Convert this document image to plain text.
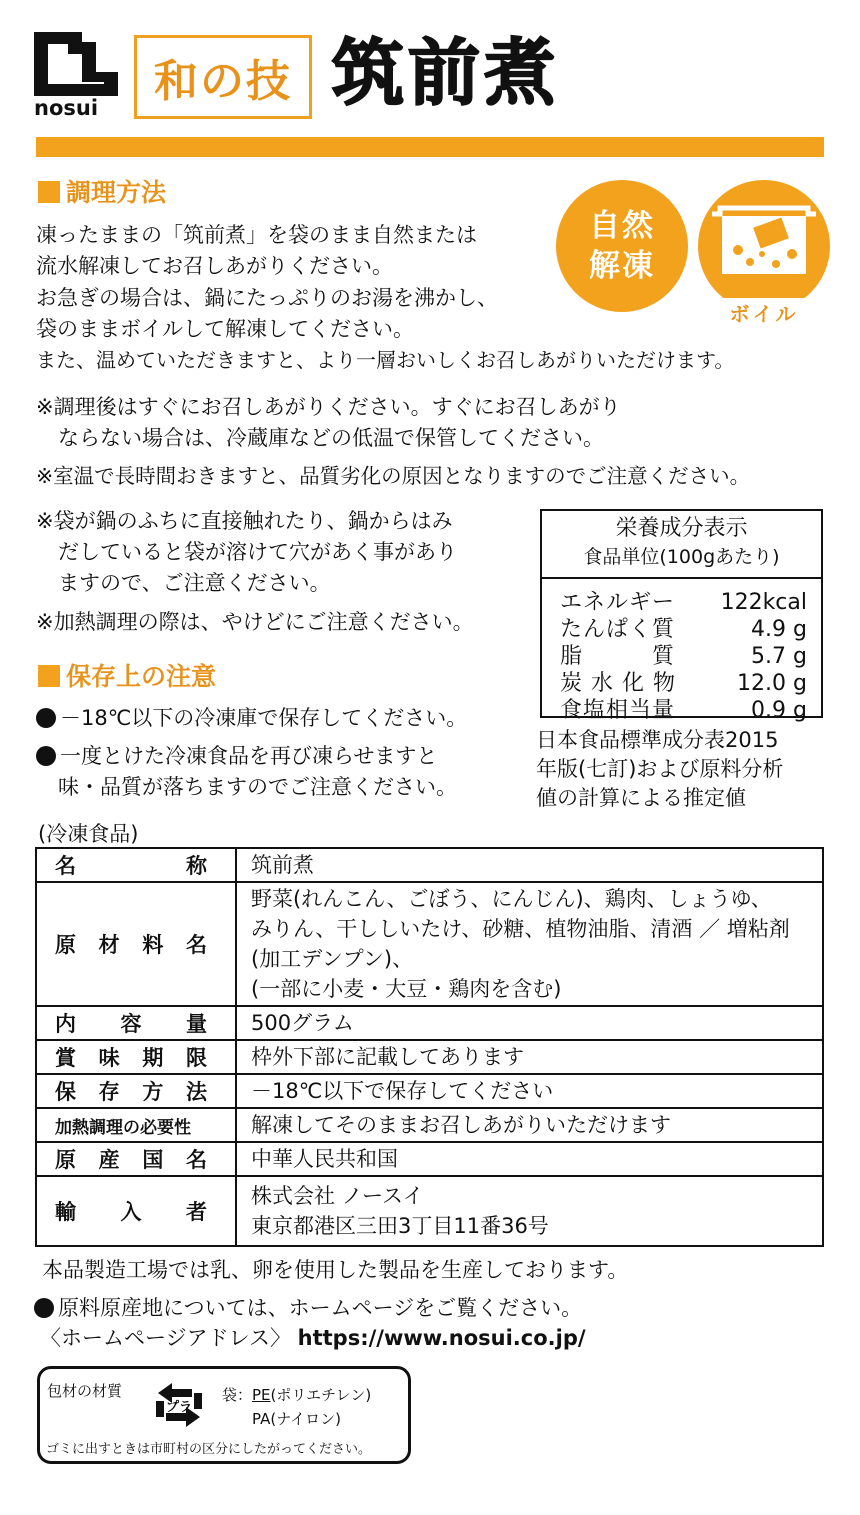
nosui
和の技 筑前煮
調理方法
凍ったままの「筑前煮」を袋のまま自然または
流水解凍してお召しあがりください。
お急ぎの場合は、鍋にたっぷりのお湯を沸かし、
袋のままボイルして解凍してください。
また、温めていただきますと、より一層おいしくお召しあがりいただけます。
自然
解凍
ボイル
※調理後はすぐにお召しあがりください。すぐにお召しあがり
ならない場合は、冷蔵庫などの低温で保管してください。
※室温で長時間おきますと、品質劣化の原因となりますのでご注意ください。
※袋が鍋のふちに直接触れたり、鍋からはみ
だしていると袋が溶けて穴があく事があり
ますので、ご注意ください。
※加熱調理の際は、やけどにご注意ください。
栄養成分表示
食品単位(100gあたり)
エネルギー	122kcal
たんぱく質	4.9 g
脂　　　質	5.7 g
炭 水 化 物	12.0 g
食塩相当量	0.9 g
日本食品標準成分表2015
年版(七訂)および原料分析
値の計算による推定値
保存上の注意
－18℃以下の冷凍庫で保存してください。
一度とけた冷凍食品を再び凍らせますと
味・品質が落ちますのでご注意ください。
(冷凍食品)
名称	筑前煮
原材料名	野菜(れんこん、ごぼう、にんじん)、鶏肉、しょうゆ、
みりん、干ししいたけ、砂糖、植物油脂、清酒 ／ 増粘剤
(加工デンプン)、
(一部に小麦・大豆・鶏肉を含む)

内容量	500グラム
賞味期限	枠外下部に記載してあります
保存方法	－18℃以下で保存してください
加熱調理の必要性	解凍してそのままお召しあがりいただけます
原産国名	中華人民共和国
輸入者	株式会社 ノースイ
東京都港区三田3丁目11番36号
本品製造工場では乳、卵を使用した製品を生産しております。
原料原産地については、ホームページをご覧ください。
〈ホームページアドレス〉 https://www.nosui.co.jp/
包材の材質
プラ
袋：PE(ポリエチレン)
PA(ナイロン)
ゴミに出すときは市町村の区分にしたがってください。
